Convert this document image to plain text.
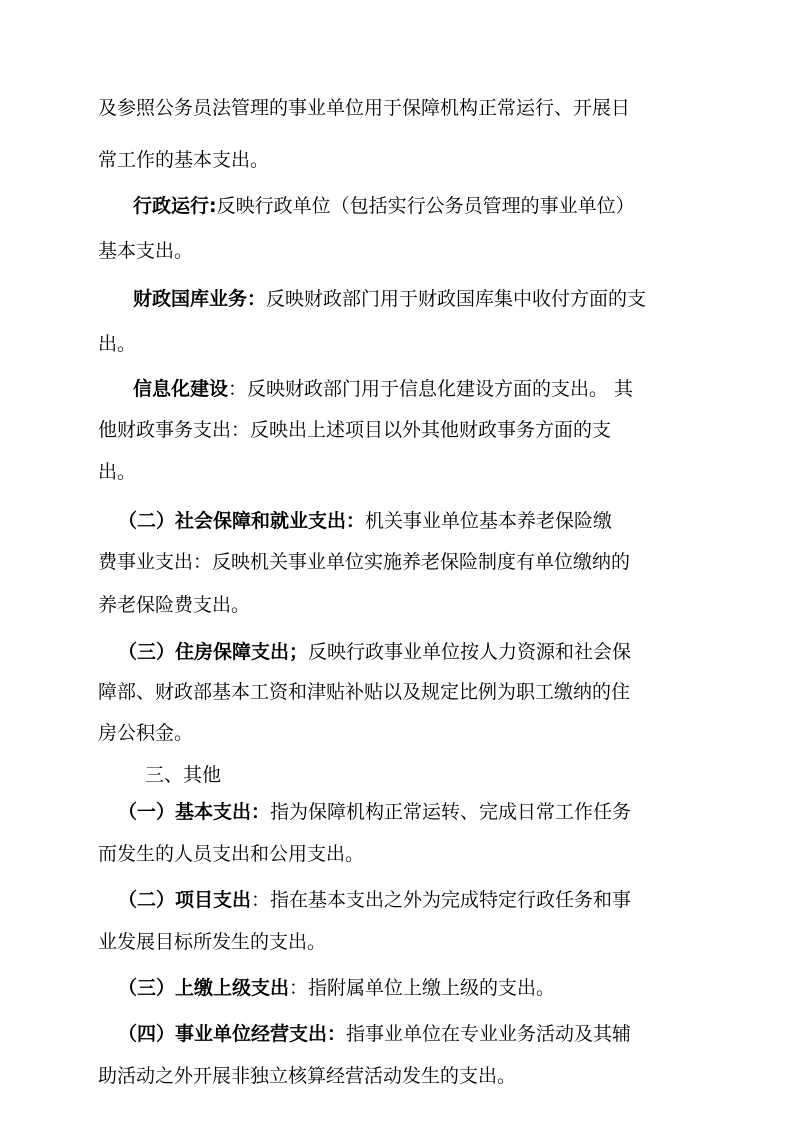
及参照公务员法管理的事业单位用于保障机构正常运行、开展日
常工作的基本支出。
行政运行:反映行政单位（包括实行公务员管理的事业单位）
基本支出。
财政国库业务：反映财政部门用于财政国库集中收付方面的支
出。
信息化建设：反映财政部门用于信息化建设方面的支出。 其
他财政事务支出：反映出上述项目以外其他财政事务方面的支
出。
（二）社会保障和就业支出：机关事业单位基本养老保险缴
费事业支出：反映机关事业单位实施养老保险制度有单位缴纳的
养老保险费支出。
（三）住房保障支出；反映行政事业单位按人力资源和社会保
障部、财政部基本工资和津贴补贴以及规定比例为职工缴纳的住
房公积金。
三、其他
（一）基本支出：指为保障机构正常运转、完成日常工作任务
而发生的人员支出和公用支出。
（二）项目支出：指在基本支出之外为完成特定行政任务和事
业发展目标所发生的支出。
（三）上缴上级支出：指附属单位上缴上级的支出。
（四）事业单位经营支出：指事业单位在专业业务活动及其辅
助活动之外开展非独立核算经营活动发生的支出。
